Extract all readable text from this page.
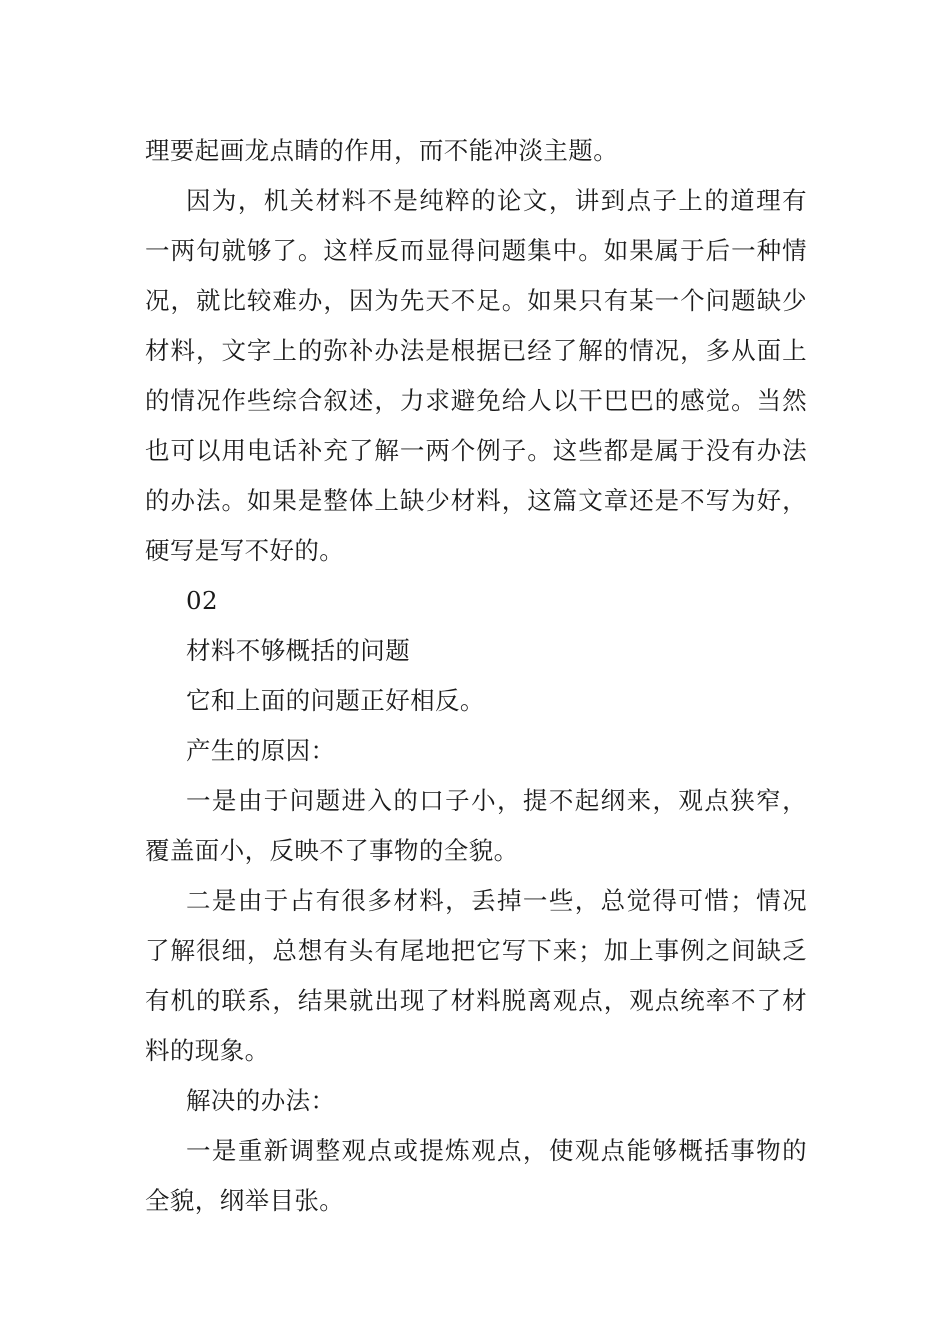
理要起画龙点睛的作用，而不能冲淡主题。

因为，机关材料不是纯粹的论文，讲到点子上的道理有一两句就够了。这样反而显得问题集中。如果属于后一种情况，就比较难办，因为先天不足。如果只有某一个问题缺少材料，文字上的弥补办法是根据已经了解的情况，多从面上的情况作些综合叙述，力求避免给人以干巴巴的感觉。当然也可以用电话补充了解一两个例子。这些都是属于没有办法的办法。如果是整体上缺少材料，这篇文章还是不写为好，硬写是写不好的。

02

材料不够概括的问题

它和上面的问题正好相反。

产生的原因：

一是由于问题进入的口子小，提不起纲来，观点狭窄，覆盖面小，反映不了事物的全貌。

二是由于占有很多材料，丢掉一些，总觉得可惜；情况了解很细，总想有头有尾地把它写下来；加上事例之间缺乏有机的联系，结果就出现了材料脱离观点，观点统率不了材料的现象。

解决的办法：

一是重新调整观点或提炼观点，使观点能够概括事物的全貌，纲举目张。
